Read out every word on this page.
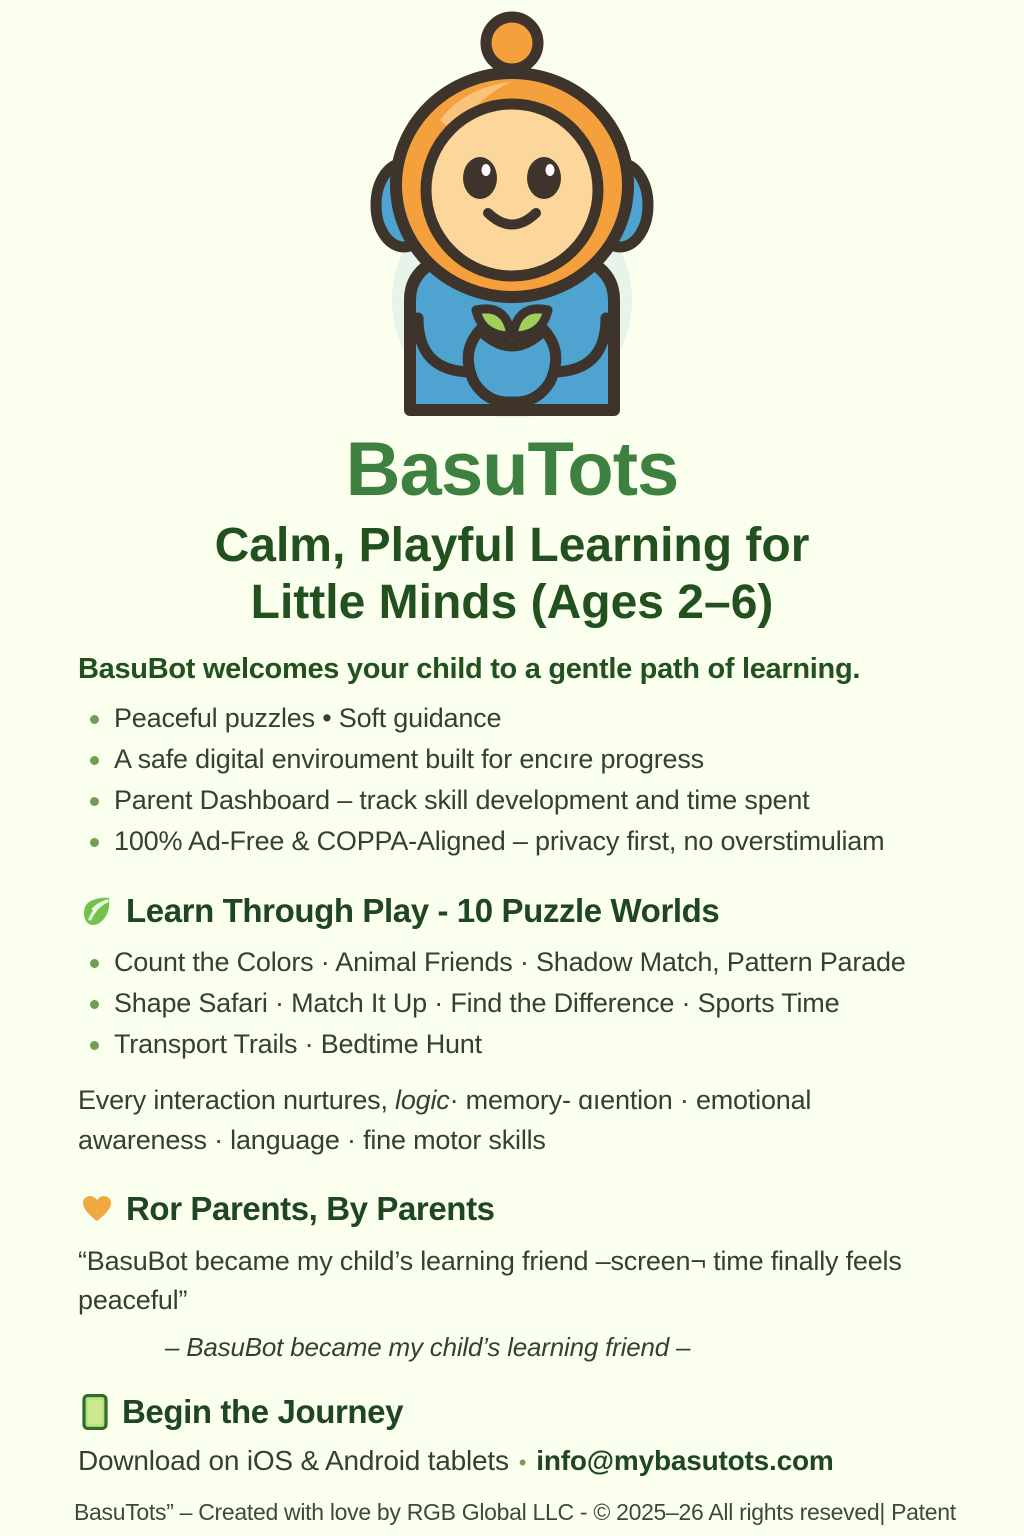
BasuTots
Calm, Playful Learning for
Little Minds (Ages 2–6)
BasuBot welcomes your child to a gentle path of learning.
Peaceful puzzles • Soft guidance
A safe digital enviroument built for encıre progress
Parent Dashboard – track skill development and time spent
100% Ad-Free & COPPA-Aligned – privacy first, no overstimuliam
Learn Through Play - 10 Puzzle Worlds
Count the Colors · Animal Friends · Shadow Match, Pattern Parade
Shape Safari · Match It Up · Find the Difference · Sports Time
Transport Trails · Bedtime Hunt
Every interaction nurtures, logic· memory- ɑıention · emotional awareness · language · fine motor skills
Ror Parents, By Parents
“BasuBot became my child’s learning friend –screen¬ time finally feels peaceful”
– BasuBot became my child’s learning friend –
Begin the Journey
Download on iOS & Android tablets • info@mybasutots.com
BasuTots” – Created with love by RGB Global LLC - © 2025–26 All rights reseved| Patent
